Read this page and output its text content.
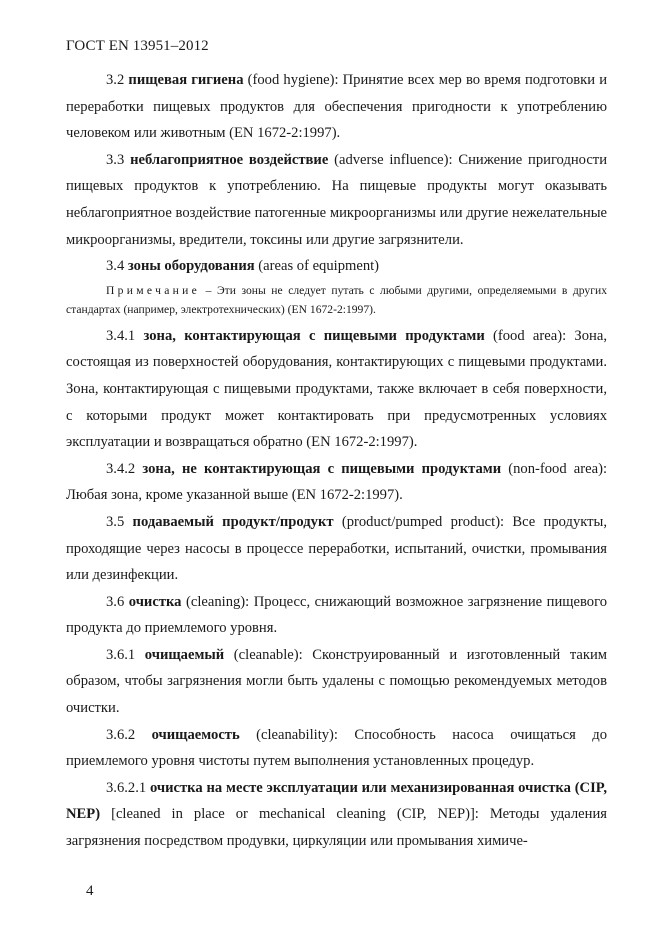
ГОСТ EN 13951–2012

3.2 пищевая гигиена (food hygiene): Принятие всех мер во время подготовки и переработки пищевых продуктов для обеспечения пригодности к употреблению человеком или животным (EN 1672-2:1997).

3.3 неблагоприятное воздействие (adverse influence): Снижение пригодности пищевых продуктов к употреблению. На пищевые продукты могут оказывать неблагоприятное воздействие патогенные микроорганизмы или другие нежелательные микроорганизмы, вредители, токсины или другие загрязнители.

3.4 зоны оборудования (areas of equipment)

Примечание – Эти зоны не следует путать с любыми другими, определяемыми в других стандартах (например, электротехнических) (EN 1672-2:1997).

3.4.1 зона, контактирующая с пищевыми продуктами (food area): Зона, состоящая из поверхностей оборудования, контактирующих с пищевыми продуктами. Зона, контактирующая с пищевыми продуктами, также включает в себя поверхности, с которыми продукт может контактировать при предусмотренных условиях эксплуатации и возвращаться обратно (EN 1672-2:1997).

3.4.2 зона, не контактирующая с пищевыми продуктами (non-food area): Любая зона, кроме указанной выше (EN 1672-2:1997).

3.5 подаваемый продукт/продукт (product/pumped product): Все продукты, проходящие через насосы в процессе переработки, испытаний, очистки, промывания или дезинфекции.

3.6 очистка (cleaning): Процесс, снижающий возможное загрязнение пищевого продукта до приемлемого уровня.

3.6.1 очищаемый (cleanable): Сконструированный и изготовленный таким образом, чтобы загрязнения могли быть удалены с помощью рекомендуемых методов очистки.

3.6.2 очищаемость (cleanability): Способность насоса очищаться до приемлемого уровня чистоты путем выполнения установленных процедур.

3.6.2.1 очистка на месте эксплуатации или механизированная очистка (CIP, NEP) [cleaned in place or mechanical cleaning (CIP, NEP)]: Методы удаления загрязнения посредством продувки, циркуляции или промывания химиче-

4
